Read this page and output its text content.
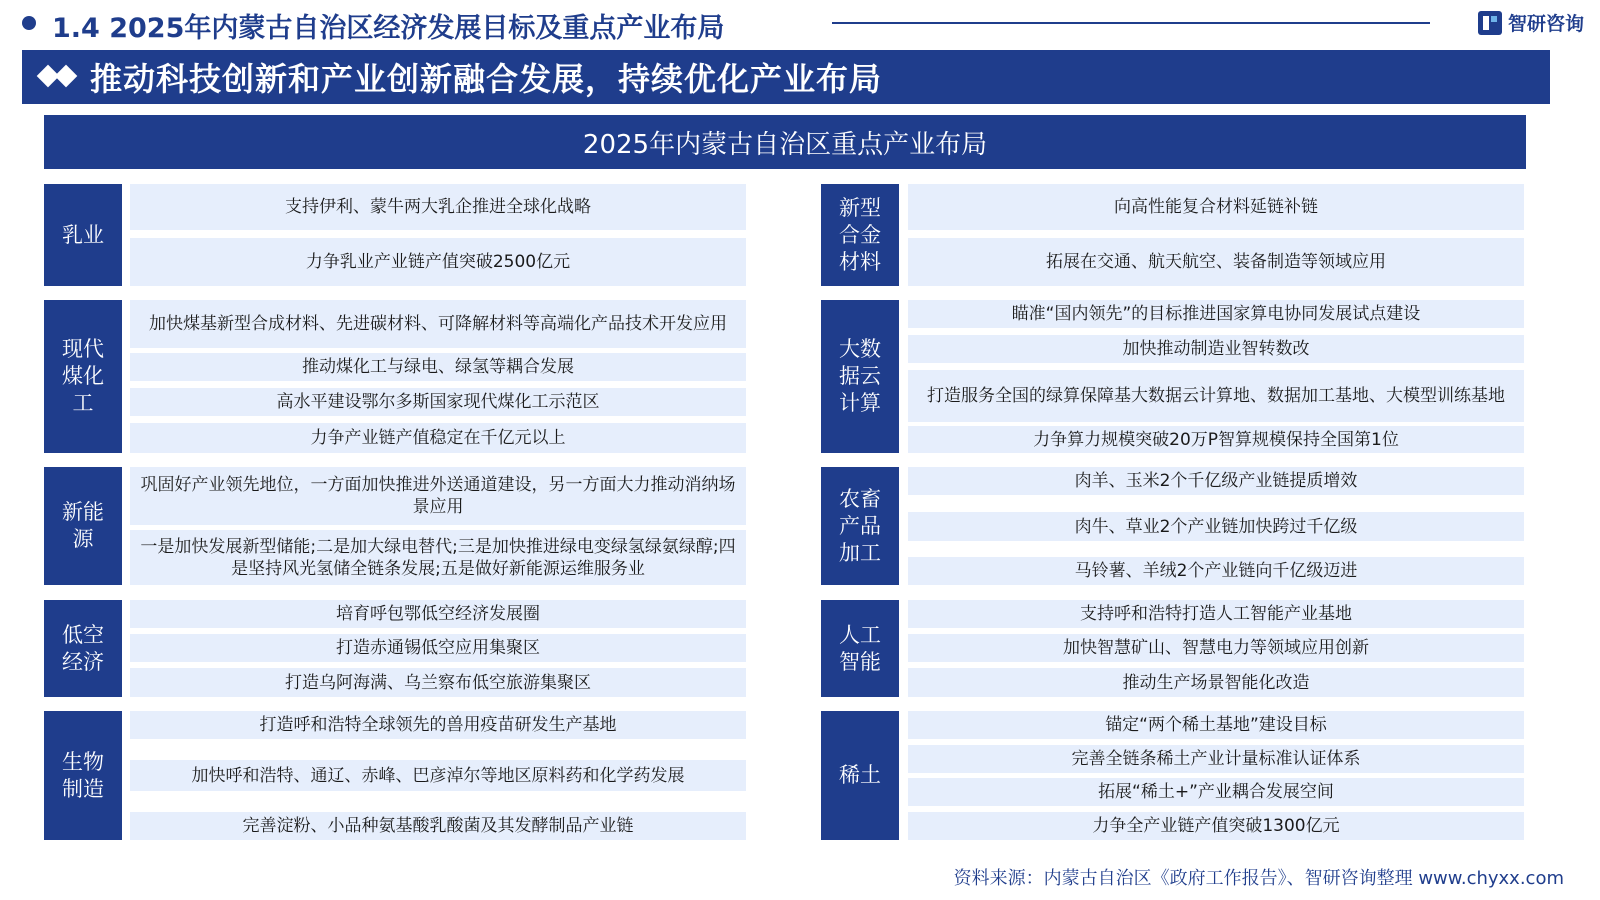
1.4 2025年内蒙古自治区经济发展目标及重点产业布局	智研咨询
推动科技创新和产业创新融合发展，持续优化产业布局
2025年内蒙古自治区重点产业布局
乳业
支持伊利、蒙牛两大乳企推进全球化战略
力争乳业产业链产值突破2500亿元
现代
煤化
工
加快煤基新型合成材料、先进碳材料、可降解材料等高端化产品技术开发应用
推动煤化工与绿电、绿氢等耦合发展
高水平建设鄂尔多斯国家现代煤化工示范区
力争产业链产值稳定在千亿元以上
新能
源
巩固好产业领先地位，一方面加快推进外送通道建设，另一方面大力推动消纳场景应用
一是加快发展新型储能;二是加大绿电替代;三是加快推进绿电变绿氢绿氨绿醇;四是坚持风光氢储全链条发展;五是做好新能源运维服务业
低空
经济
培育呼包鄂低空经济发展圈
打造赤通锡低空应用集聚区
打造乌阿海满、乌兰察布低空旅游集聚区
生物
制造
打造呼和浩特全球领先的兽用疫苗研发生产基地
加快呼和浩特、通辽、赤峰、巴彦淖尔等地区原料药和化学药发展
完善淀粉、小品种氨基酸乳酸菌及其发酵制品产业链
新型
合金
材料
向高性能复合材料延链补链
拓展在交通、航天航空、装备制造等领域应用
大数
据云
计算
瞄准“国内领先”的目标推进国家算电协同发展试点建设
加快推动制造业智转数改
打造服务全国的绿算保障基大数据云计算地、数据加工基地、大模型训练基地
力争算力规模突破20万P智算规模保持全国第1位
农畜
产品
加工
肉羊、玉米2个千亿级产业链提质增效
肉牛、草业2个产业链加快跨过千亿级
马铃薯、羊绒2个产业链向千亿级迈进
人工
智能
支持呼和浩特打造人工智能产业基地
加快智慧矿山、智慧电力等领域应用创新
推动生产场景智能化改造
稀土
锚定“两个稀土基地”建设目标
完善全链条稀土产业计量标准认证体系
拓展“稀土+”产业耦合发展空间
力争全产业链产值突破1300亿元
资料来源：内蒙古自治区《政府工作报告》、智研咨询整理 www.chyxx.com
